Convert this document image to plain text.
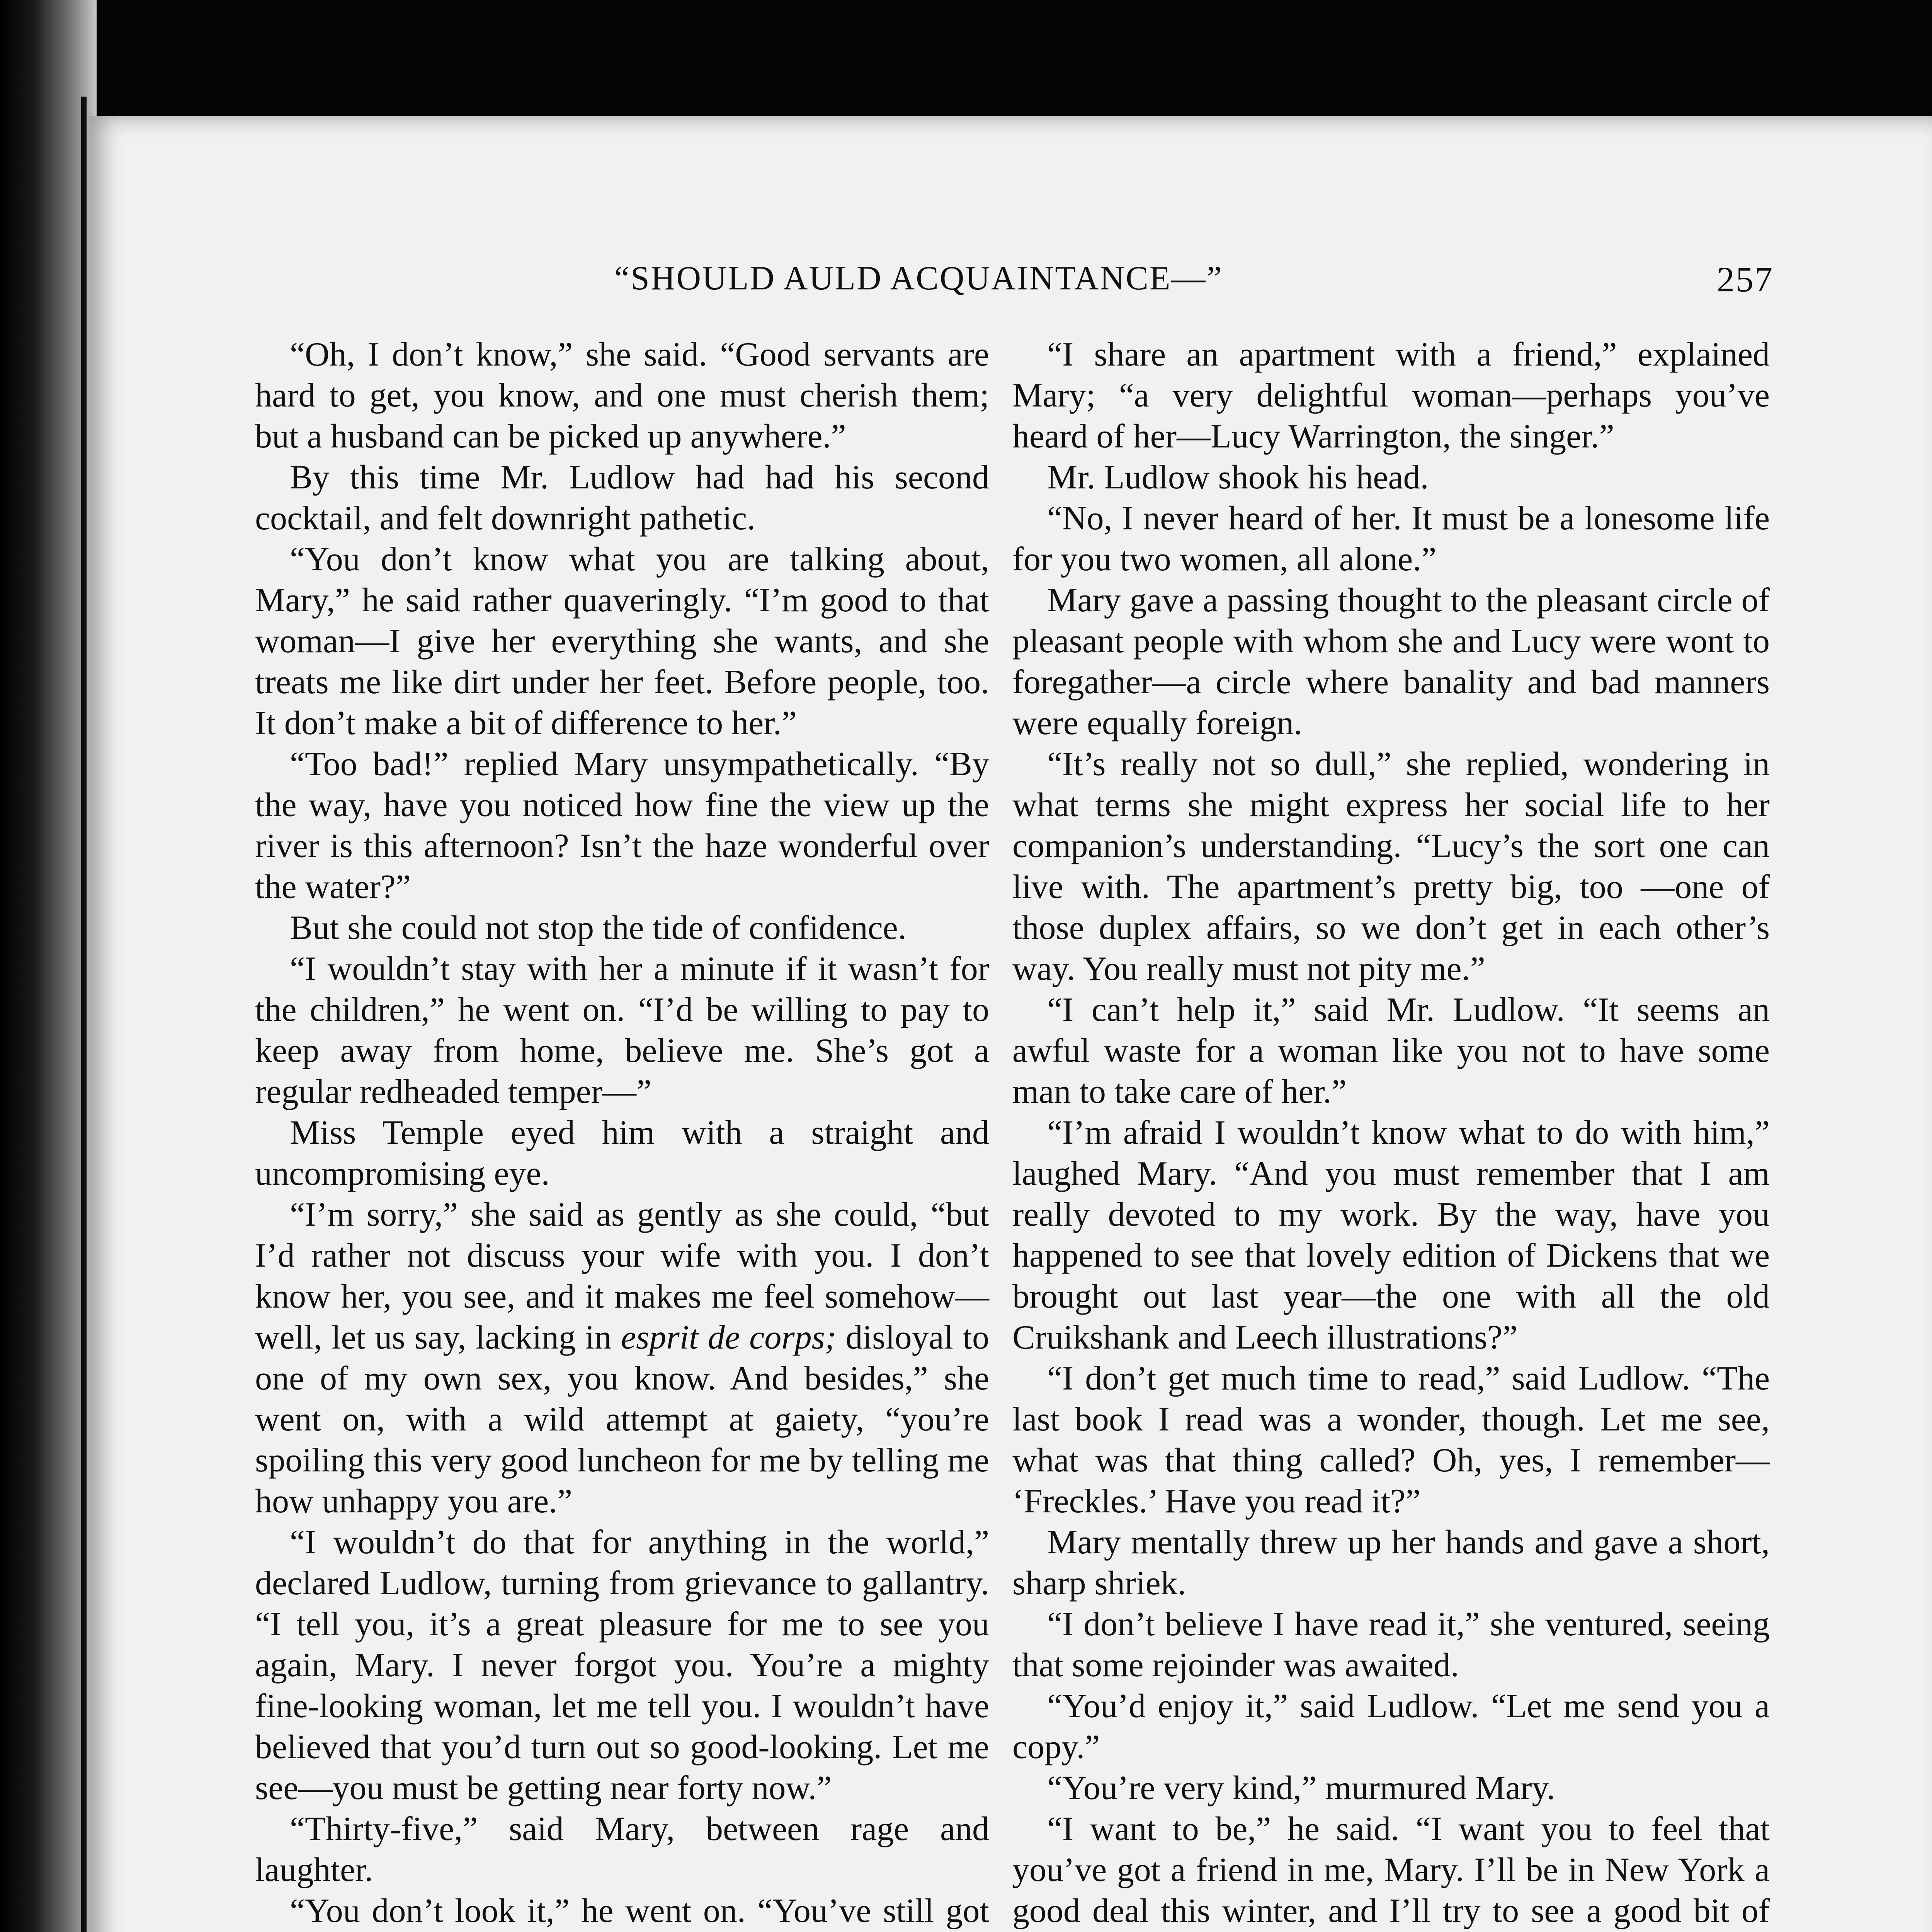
“SHOULD AULD ACQUAINTANCE—”	257

“Oh, I don’t know,” she said. “Good servants are hard to get, you know, and one must cherish them; but a husband can be picked up anywhere.”

By this time Mr. Ludlow had had his second cocktail, and felt downright pathetic.

“You don’t know what you are talking about, Mary,” he said rather quaveringly. “I’m good to that woman—I give her everything she wants, and she treats me like dirt under her feet. Before people, too. It don’t make a bit of difference to her.”

“Too bad!” replied Mary unsympathetically. “By the way, have you noticed how fine the view up the river is this afternoon? Isn’t the haze wonderful over the water?”

But she could not stop the tide of confidence.

“I wouldn’t stay with her a minute if it wasn’t for the children,” he went on. “I’d be willing to pay to keep away from home, believe me. She’s got a regular redheaded temper—”

Miss Temple eyed him with a straight and uncompromising eye.

“I’m sorry,” she said as gently as she could, “but I’d rather not discuss your wife with you. I don’t know her, you see, and it makes me feel somehow—well, let us say, lacking in esprit de corps; disloyal to one of my own sex, you know. And besides,” she went on, with a wild attempt at gaiety, “you’re spoiling this very good luncheon for me by telling me how unhappy you are.”

“I wouldn’t do that for anything in the world,” declared Ludlow, turning from grievance to gallantry. “I tell you, it’s a great pleasure for me to see you again, Mary. I never forgot you. You’re a mighty fine-looking woman, let me tell you. I wouldn’t have believed that you’d turn out so good-looking. Let me see—you must be getting near forty now.”

“Thirty-five,” said Mary, between rage and laughter.

“You don’t look it,” he went on. “You’ve still got

“I share an apartment with a friend,” explained Mary; “a very delightful woman—perhaps you’ve heard of her—Lucy Warrington, the singer.”

Mr. Ludlow shook his head.

“No, I never heard of her. It must be a lonesome life for you two women, all alone.”

Mary gave a passing thought to the pleasant circle of pleasant people with whom she and Lucy were wont to foregather—a circle where banality and bad manners were equally foreign.

“It’s really not so dull,” she replied, wondering in what terms she might express her social life to her companion’s understanding. “Lucy’s the sort one can live with. The apartment’s pretty big, too —one of those duplex affairs, so we don’t get in each other’s way. You really must not pity me.”

“I can’t help it,” said Mr. Ludlow. “It seems an awful waste for a woman like you not to have some man to take care of her.”

“I’m afraid I wouldn’t know what to do with him,” laughed Mary. “And you must remember that I am really devoted to my work. By the way, have you happened to see that lovely edition of Dickens that we brought out last year—the one with all the old Cruikshank and Leech illustrations?”

“I don’t get much time to read,” said Ludlow. “The last book I read was a wonder, though. Let me see, what was that thing called? Oh, yes, I remember— ‘Freckles.’ Have you read it?”

Mary mentally threw up her hands and gave a short, sharp shriek.

“I don’t believe I have read it,” she ventured, seeing that some rejoinder was awaited.

“You’d enjoy it,” said Ludlow. “Let me send you a copy.”

“You’re very kind,” murmured Mary.

“I want to be,” he said. “I want you to feel that you’ve got a friend in me, Mary. I’ll be in New York a good deal this winter, and I’ll try to see a good bit of
